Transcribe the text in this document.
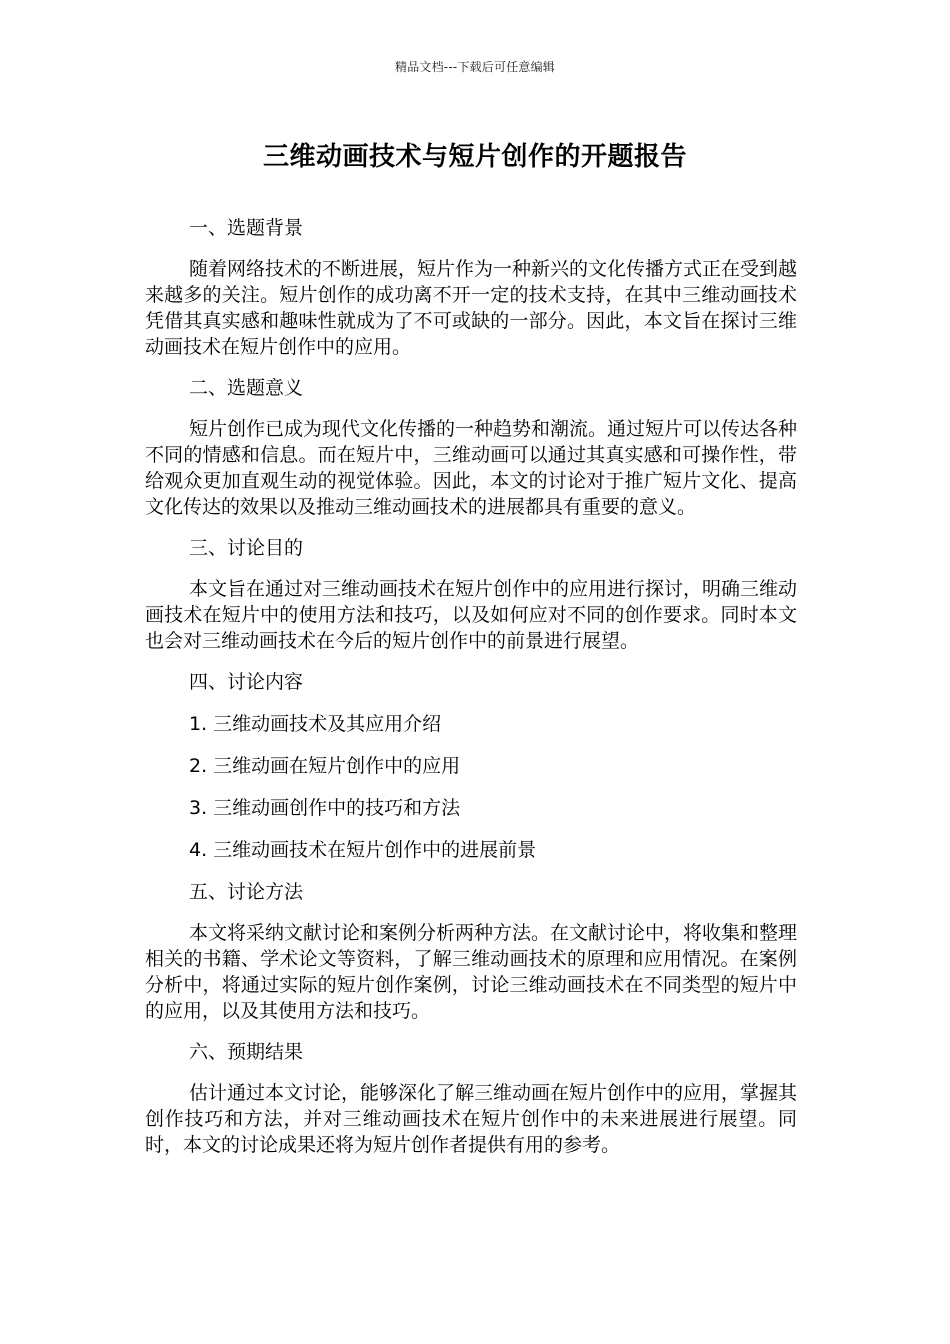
精品文档---下载后可任意编辑
三维动画技术与短片创作的开题报告
一、选题背景
随着网络技术的不断进展，短片作为一种新兴的文化传播方式正在受到越来越多的关注。短片创作的成功离不开一定的技术支持，在其中三维动画技术凭借其真实感和趣味性就成为了不可或缺的一部分。因此，本文旨在探讨三维动画技术在短片创作中的应用。
二、选题意义
短片创作已成为现代文化传播的一种趋势和潮流。通过短片可以传达各种不同的情感和信息。而在短片中，三维动画可以通过其真实感和可操作性，带给观众更加直观生动的视觉体验。因此，本文的讨论对于推广短片文化、提高文化传达的效果以及推动三维动画技术的进展都具有重要的意义。
三、讨论目的
本文旨在通过对三维动画技术在短片创作中的应用进行探讨，明确三维动画技术在短片中的使用方法和技巧，以及如何应对不同的创作要求。同时本文也会对三维动画技术在今后的短片创作中的前景进行展望。
四、讨论内容
1. 三维动画技术及其应用介绍
2. 三维动画在短片创作中的应用
3. 三维动画创作中的技巧和方法
4. 三维动画技术在短片创作中的进展前景
五、讨论方法
本文将采纳文献讨论和案例分析两种方法。在文献讨论中，将收集和整理相关的书籍、学术论文等资料，了解三维动画技术的原理和应用情况。在案例分析中，将通过实际的短片创作案例，讨论三维动画技术在不同类型的短片中的应用，以及其使用方法和技巧。
六、预期结果
估计通过本文讨论，能够深化了解三维动画在短片创作中的应用，掌握其创作技巧和方法，并对三维动画技术在短片创作中的未来进展进行展望。同时，本文的讨论成果还将为短片创作者提供有用的参考。
